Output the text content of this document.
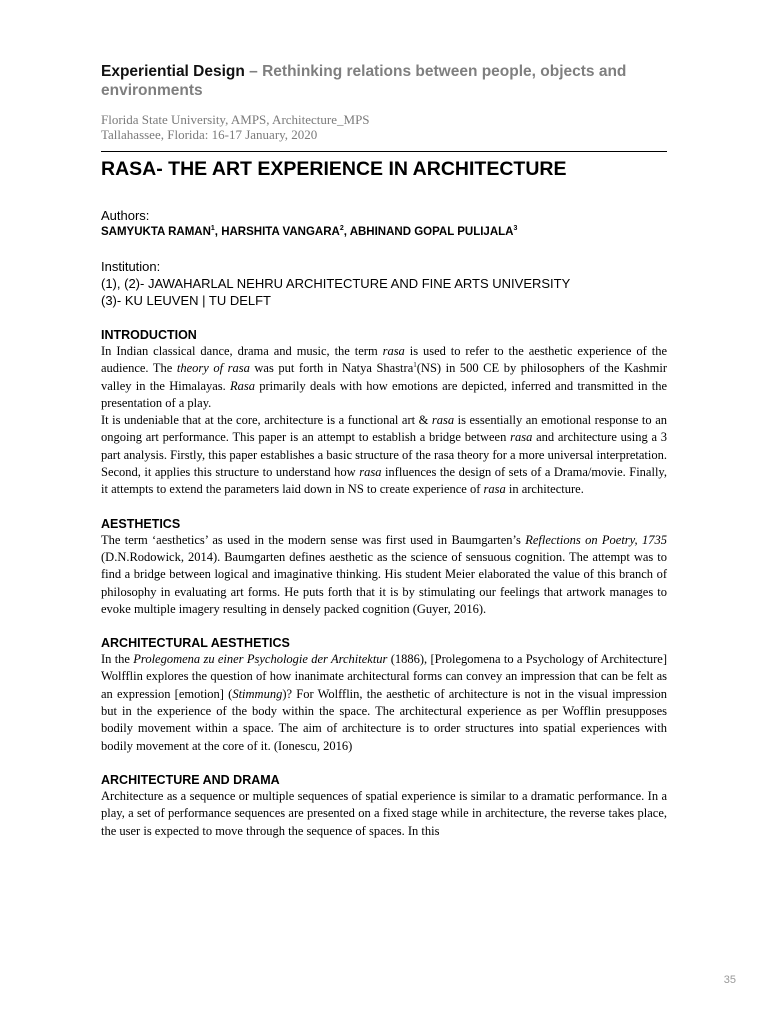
Experiential Design – Rethinking relations between people, objects and environments
Florida State University, AMPS, Architecture_MPS
Tallahassee, Florida: 16-17 January, 2020
RASA- THE ART EXPERIENCE IN ARCHITECTURE
Authors:
SAMYUKTA RAMAN$^1$, HARSHITA VANGARA$^2$, ABHINAND GOPAL PULIJALA$^3$
Institution:
(1), (2)- JAWAHARLAL NEHRU ARCHITECTURE AND FINE ARTS UNIVERSITY
(3)- KU LEUVEN | TU DELFT
INTRODUCTION
In Indian classical dance, drama and music, the term rasa is used to refer to the aesthetic experience of the audience. The theory of rasa was put forth in Natya Shastra$^1$(NS) in 500 CE by philosophers of the Kashmir valley in the Himalayas. Rasa primarily deals with how emotions are depicted, inferred and transmitted in the presentation of a play.
It is undeniable that at the core, architecture is a functional art & rasa is essentially an emotional response to an ongoing art performance. This paper is an attempt to establish a bridge between rasa and architecture using a 3 part analysis. Firstly, this paper establishes a basic structure of the rasa theory for a more universal interpretation. Second, it applies this structure to understand how rasa influences the design of sets of a Drama/movie. Finally, it attempts to extend the parameters laid down in NS to create experience of rasa in architecture.
AESTHETICS
The term ‘aesthetics’ as used in the modern sense was first used in Baumgarten’s Reflections on Poetry, 1735 (D.N.Rodowick, 2014). Baumgarten defines aesthetic as the science of sensuous cognition. The attempt was to find a bridge between logical and imaginative thinking. His student Meier elaborated the value of this branch of philosophy in evaluating art forms. He puts forth that it is by stimulating our feelings that artwork manages to evoke multiple imagery resulting in densely packed cognition (Guyer, 2016).
ARCHITECTURAL AESTHETICS
In the Prolegomena zu einer Psychologie der Architektur (1886), [Prolegomena to a Psychology of Architecture] Wolfflin explores the question of how inanimate architectural forms can convey an impression that can be felt as an expression [emotion] (Stimmung)? For Wolfflin, the aesthetic of architecture is not in the visual impression but in the experience of the body within the space. The architectural experience as per Wofflin presupposes bodily movement within a space. The aim of architecture is to order structures into spatial experiences with bodily movement at the core of it. (Ionescu, 2016)
ARCHITECTURE AND DRAMA
Architecture as a sequence or multiple sequences of spatial experience is similar to a dramatic performance. In a play, a set of performance sequences are presented on a fixed stage while in architecture, the reverse takes place, the user is expected to move through the sequence of spaces. In this
35
